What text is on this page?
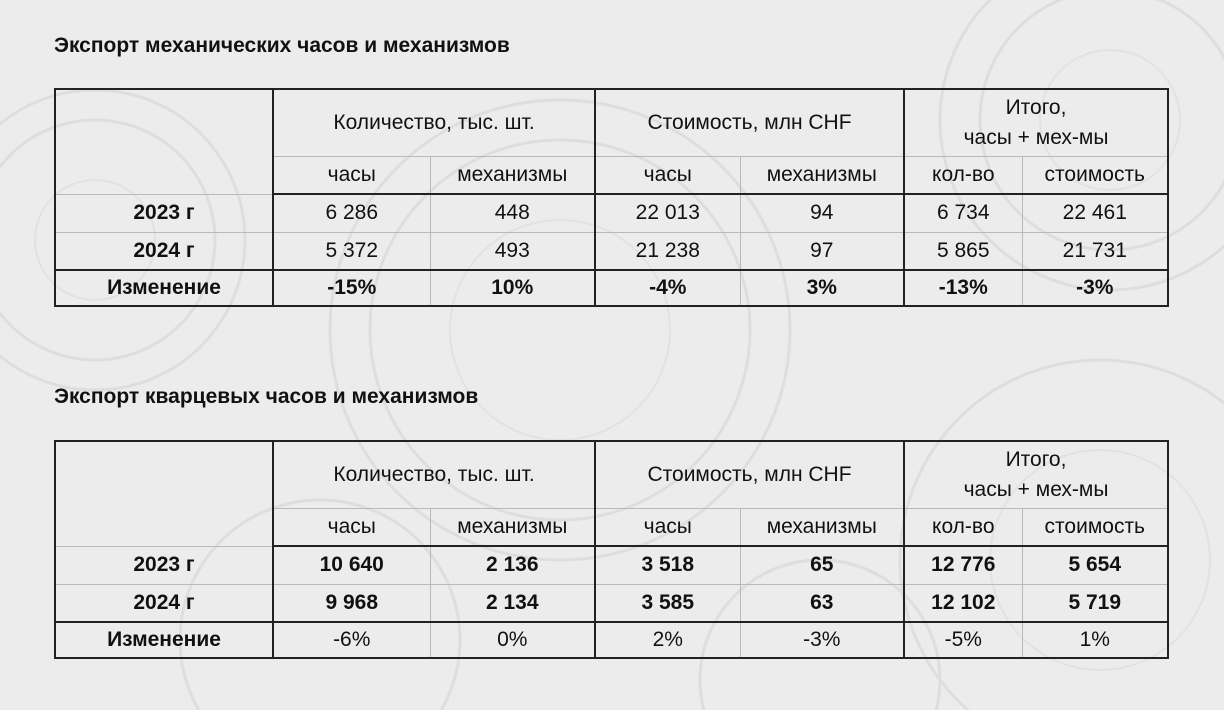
Экспорт механических часов и механизмов
	Количество, тыс. шт.		Стоимость, млн CHF		Итого,
часы + мех-мы	
	часы	механизмы	часы	механизмы	кол-во	стоимость
2023 г	6 286	448	22 013	94	6 734	22 461
2024 г	5 372	493	21 238	97	5 865	21 731
Изменение	-15%	10%	-4%	3%	-13%	-3%
Экспорт кварцевых часов и механизмов
	Количество, тыс. шт.		Стоимость, млн CHF		Итого,
часы + мех-мы	
	часы	механизмы	часы	механизмы	кол-во	стоимость
2023 г	10 640	2 136	3 518	65	12 776	5 654
2024 г	9 968	2 134	3 585	63	12 102	5 719
Изменение	-6%	0%	2%	-3%	-5%	1%
